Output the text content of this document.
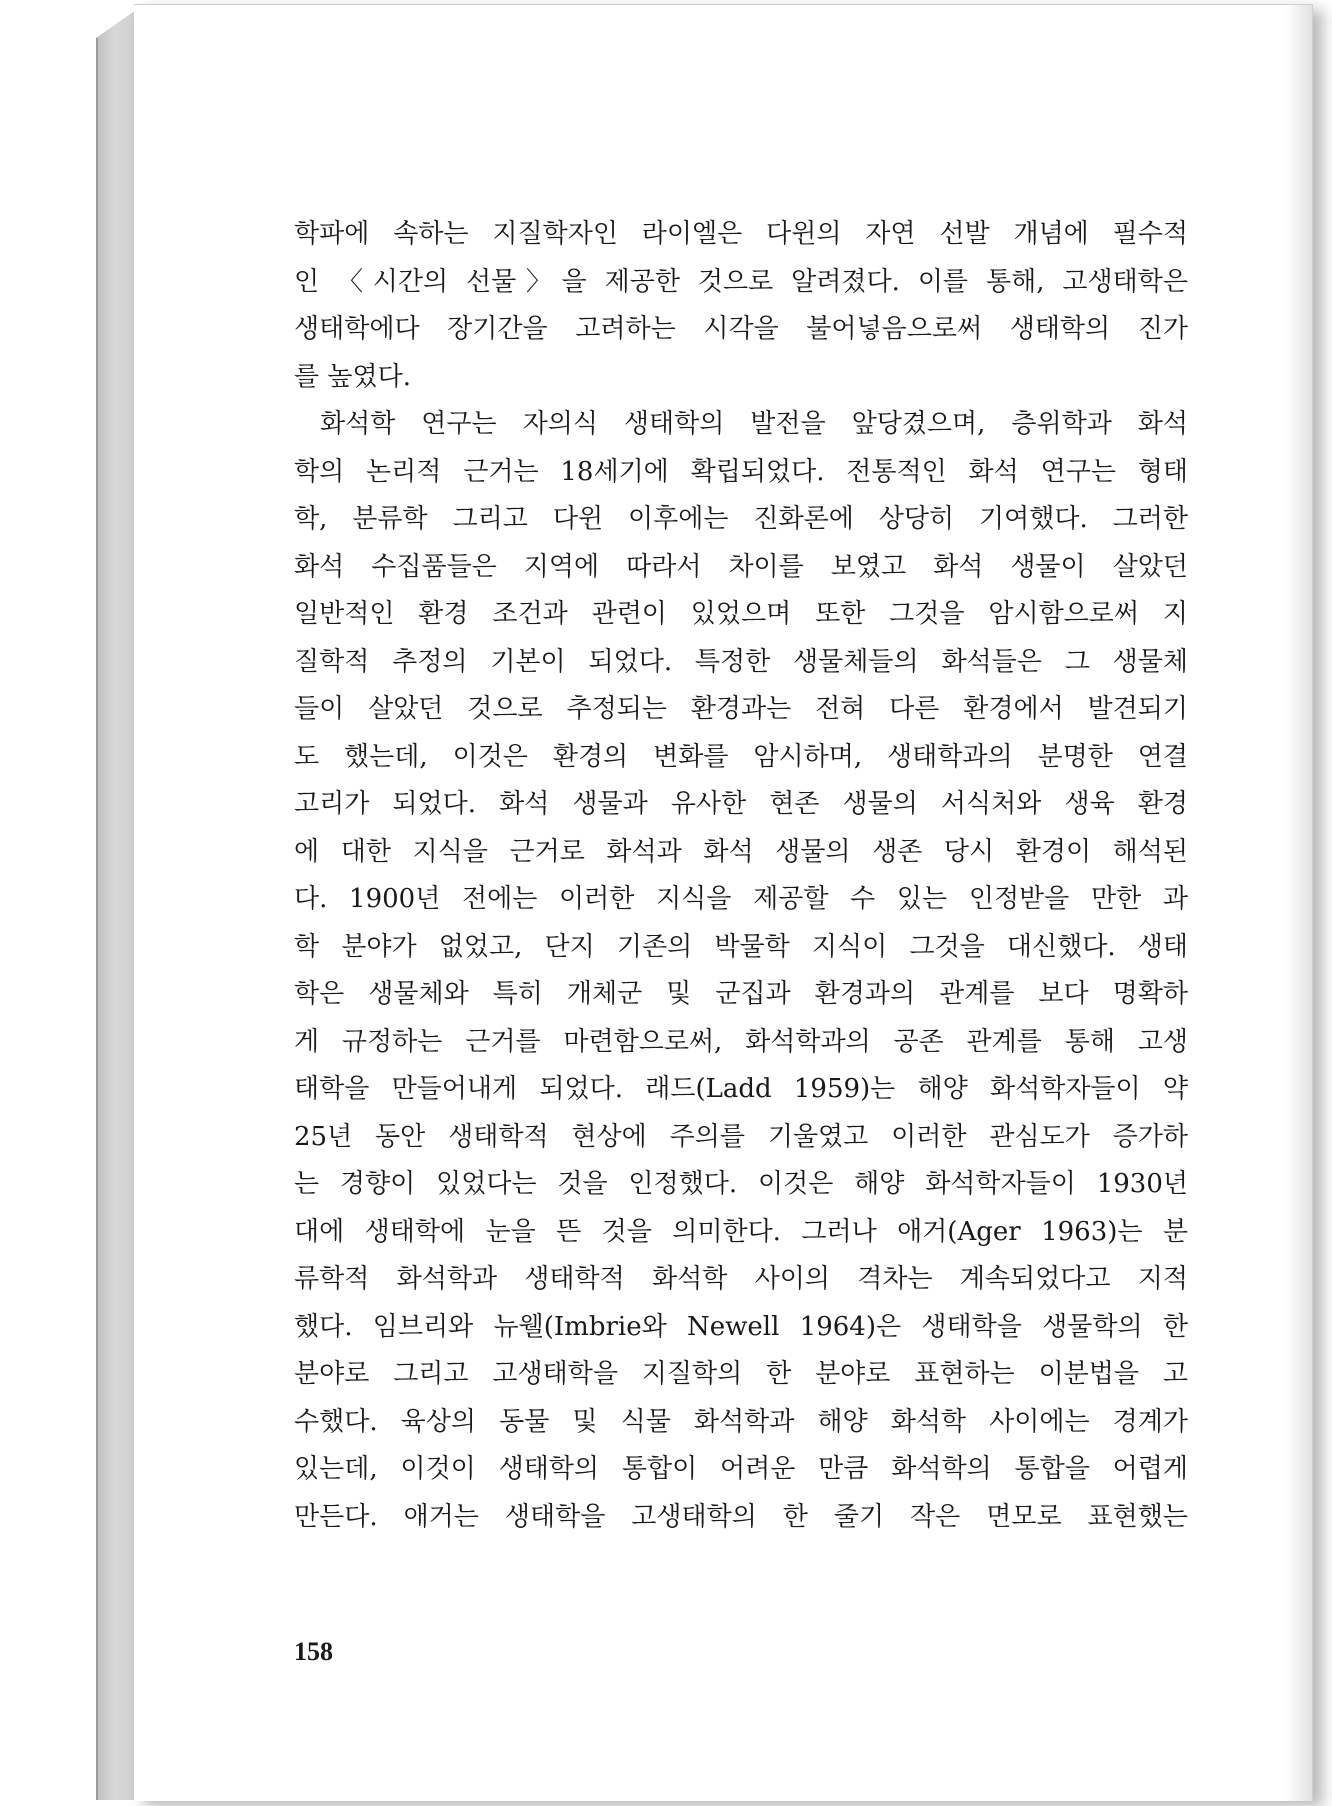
학파에 속하는 지질학자인 라이엘은 다윈의 자연 선발 개념에 필수적
인 〈시간의 선물〉을 제공한 것으로 알려졌다. 이를 통해, 고생태학은
생태학에다 장기간을 고려하는 시각을 불어넣음으로써 생태학의 진가
를 높였다.
화석학 연구는 자의식 생태학의 발전을 앞당겼으며, 층위학과 화석
학의 논리적 근거는 18세기에 확립되었다. 전통적인 화석 연구는 형태
학, 분류학 그리고 다윈 이후에는 진화론에 상당히 기여했다. 그러한
화석 수집품들은 지역에 따라서 차이를 보였고 화석 생물이 살았던
일반적인 환경 조건과 관련이 있었으며 또한 그것을 암시함으로써 지
질학적 추정의 기본이 되었다. 특정한 생물체들의 화석들은 그 생물체
들이 살았던 것으로 추정되는 환경과는 전혀 다른 환경에서 발견되기
도 했는데, 이것은 환경의 변화를 암시하며, 생태학과의 분명한 연결
고리가 되었다. 화석 생물과 유사한 현존 생물의 서식처와 생육 환경
에 대한 지식을 근거로 화석과 화석 생물의 생존 당시 환경이 해석된
다. 1900년 전에는 이러한 지식을 제공할 수 있는 인정받을 만한 과
학 분야가 없었고, 단지 기존의 박물학 지식이 그것을 대신했다. 생태
학은 생물체와 특히 개체군 및 군집과 환경과의 관계를 보다 명확하
게 규정하는 근거를 마련함으로써, 화석학과의 공존 관계를 통해 고생
태학을 만들어내게 되었다. 래드(Ladd 1959)는 해양 화석학자들이 약
25년 동안 생태학적 현상에 주의를 기울였고 이러한 관심도가 증가하
는 경향이 있었다는 것을 인정했다. 이것은 해양 화석학자들이 1930년
대에 생태학에 눈을 뜬 것을 의미한다. 그러나 애거(Ager 1963)는 분
류학적 화석학과 생태학적 화석학 사이의 격차는 계속되었다고 지적
했다. 임브리와 뉴웰(Imbrie와 Newell 1964)은 생태학을 생물학의 한
분야로 그리고 고생태학을 지질학의 한 분야로 표현하는 이분법을 고
수했다. 육상의 동물 및 식물 화석학과 해양 화석학 사이에는 경계가
있는데, 이것이 생태학의 통합이 어려운 만큼 화석학의 통합을 어렵게
만든다. 애거는 생태학을 고생태학의 한 줄기 작은 면모로 표현했는
158
